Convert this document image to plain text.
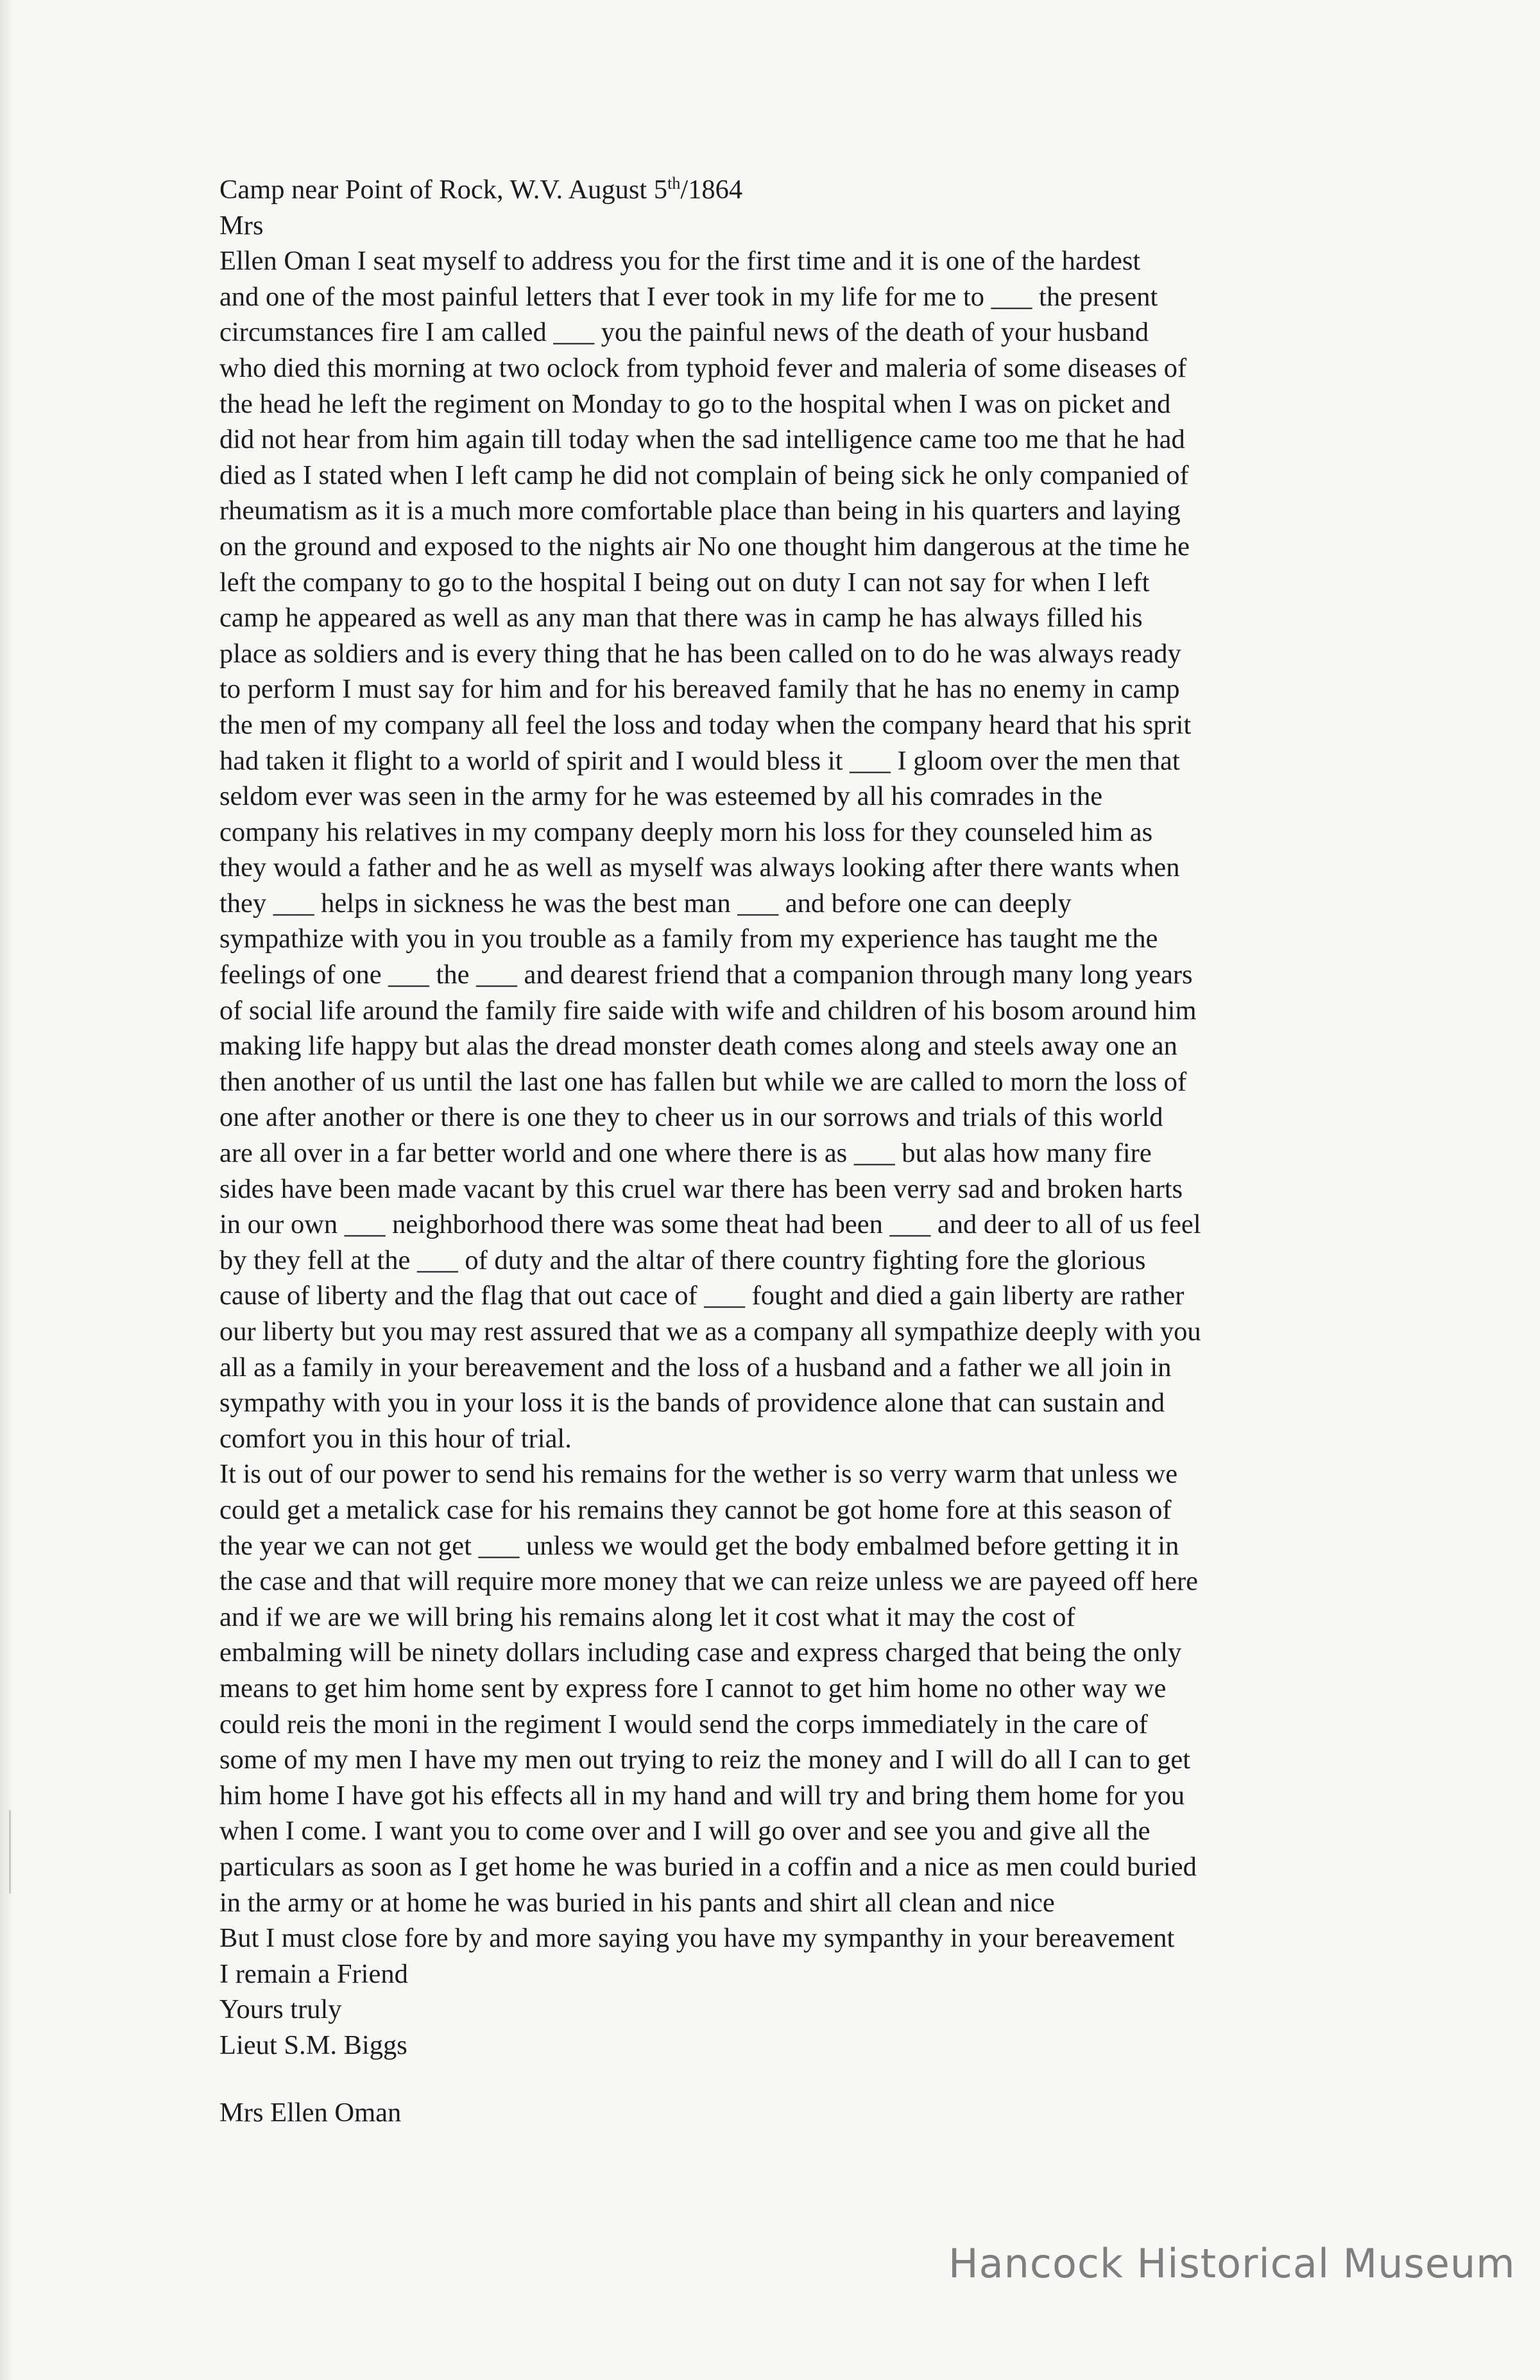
Camp near Point of Rock, W.V. August 5th/1864
Mrs
Ellen Oman I seat myself to address you for the first time and it is one of the hardest
and one of the most painful letters that I ever took in my life for me to ___ the present
circumstances fire I am called ___ you the painful news of the death of your husband
who died this morning at two oclock from typhoid fever and maleria of some diseases of
the head he left the regiment on Monday to go to the hospital when I was on picket and
did not hear from him again till today when the sad intelligence came too me that he had
died as I stated when I left camp he did not complain of being sick he only companied of
rheumatism as it is a much more comfortable place than being in his quarters and laying
on the ground and exposed to the nights air No one thought him dangerous at the time he
left the company to go to the hospital I being out on duty I can not say for when I left
camp he appeared as well as any man that there was in camp he has always filled his
place as soldiers and is every thing that he has been called on to do he was always ready
to perform I must say for him and for his bereaved family that he has no enemy in camp
the men of my company all feel the loss and today when the company heard that his sprit
had taken it flight to a world of spirit and I would bless it ___ I gloom over the men that
seldom ever was seen in the army for he was esteemed by all his comrades in the
company his relatives in my company deeply morn his loss for they counseled him as
they would a father and he as well as myself was always looking after there wants when
they ___ helps in sickness he was the best man ___ and before one can deeply
sympathize with you in you trouble as a family from my experience has taught me the
feelings of one ___ the ___ and dearest friend that a companion through many long years
of social life around the family fire saide with wife and children of his bosom around him
making life happy but alas the dread monster death comes along and steels away one an
then another of us until the last one has fallen but while we are called to morn the loss of
one after another or there is one they to cheer us in our sorrows and trials of this world
are all over in a far better world and one where there is as ___ but alas how many fire
sides have been made vacant by this cruel war there has been verry sad and broken harts
in our own ___ neighborhood there was some theat had been ___ and deer to all of us feel
by they fell at the ___ of duty and the altar of there country fighting fore the glorious
cause of liberty and the flag that out cace of ___ fought and died a gain liberty are rather
our liberty but you may rest assured that we as a company all sympathize deeply with you
all as a family in your bereavement and the loss of a husband and a father we all join in
sympathy with you in your loss it is the bands of providence alone that can sustain and
comfort you in this hour of trial.
It is out of our power to send his remains for the wether is so verry warm that unless we
could get a metalick case for his remains they cannot be got home fore at this season of
the year we can not get ___ unless we would get the body embalmed before getting it in
the case and that will require more money that we can reize unless we are payeed off here
and if we are we will bring his remains along let it cost what it may the cost of
embalming will be ninety dollars including case and express charged that being the only
means to get him home sent by express fore I cannot to get him home no other way we
could reis the moni in the regiment I would send the corps immediately in the care of
some of my men I have my men out trying to reiz the money and I will do all I can to get
him home I have got his effects all in my hand and will try and bring them home for you
when I come. I want you to come over and I will go over and see you and give all the
particulars as soon as I get home he was buried in a coffin and a nice as men could buried
in the army or at home he was buried in his pants and shirt all clean and nice
But I must close fore by and more saying you have my sympanthy in your bereavement
I remain a Friend
Yours truly
Lieut S.M. Biggs
Mrs Ellen Oman
Hancock Historical Museum
